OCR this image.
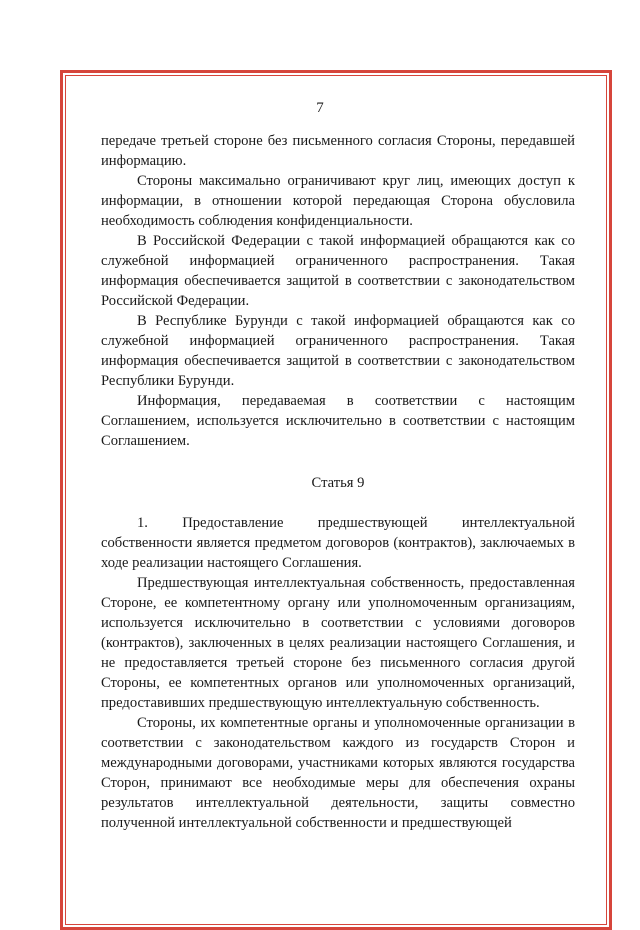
7

передаче третьей стороне без письменного согласия Стороны, передавшей информацию.

Стороны максимально ограничивают круг лиц, имеющих доступ к информации, в отношении которой передающая Сторона обусловила необходимость соблюдения конфиденциальности.

В Российской Федерации с такой информацией обращаются как со служебной информацией ограниченного распространения. Такая информация обеспечивается защитой в соответствии с законодательством Российской Федерации.

В Республике Бурунди с такой информацией обращаются как со служебной информацией ограниченного распространения. Такая информация обеспечивается защитой в соответствии с законодательством Республики Бурунди.

Информация, передаваемая в соответствии с настоящим Соглашением, используется исключительно в соответствии с настоящим Соглашением.

Статья 9

1. Предоставление предшествующей интеллектуальной собственности является предметом договоров (контрактов), заключаемых в ходе реализации настоящего Соглашения.

Предшествующая интеллектуальная собственность, предоставленная Стороне, ее компетентному органу или уполномоченным организациям, используется исключительно в соответствии с условиями договоров (контрактов), заключенных в целях реализации настоящего Соглашения, и не предоставляется третьей стороне без письменного согласия другой Стороны, ее компетентных органов или уполномоченных организаций, предоставивших предшествующую интеллектуальную собственность.

Стороны, их компетентные органы и уполномоченные организации в соответствии с законодательством каждого из государств Сторон и международными договорами, участниками которых являются государства Сторон, принимают все необходимые меры для обеспечения охраны результатов интеллектуальной деятельности, защиты совместно полученной интеллектуальной собственности и предшествующей
